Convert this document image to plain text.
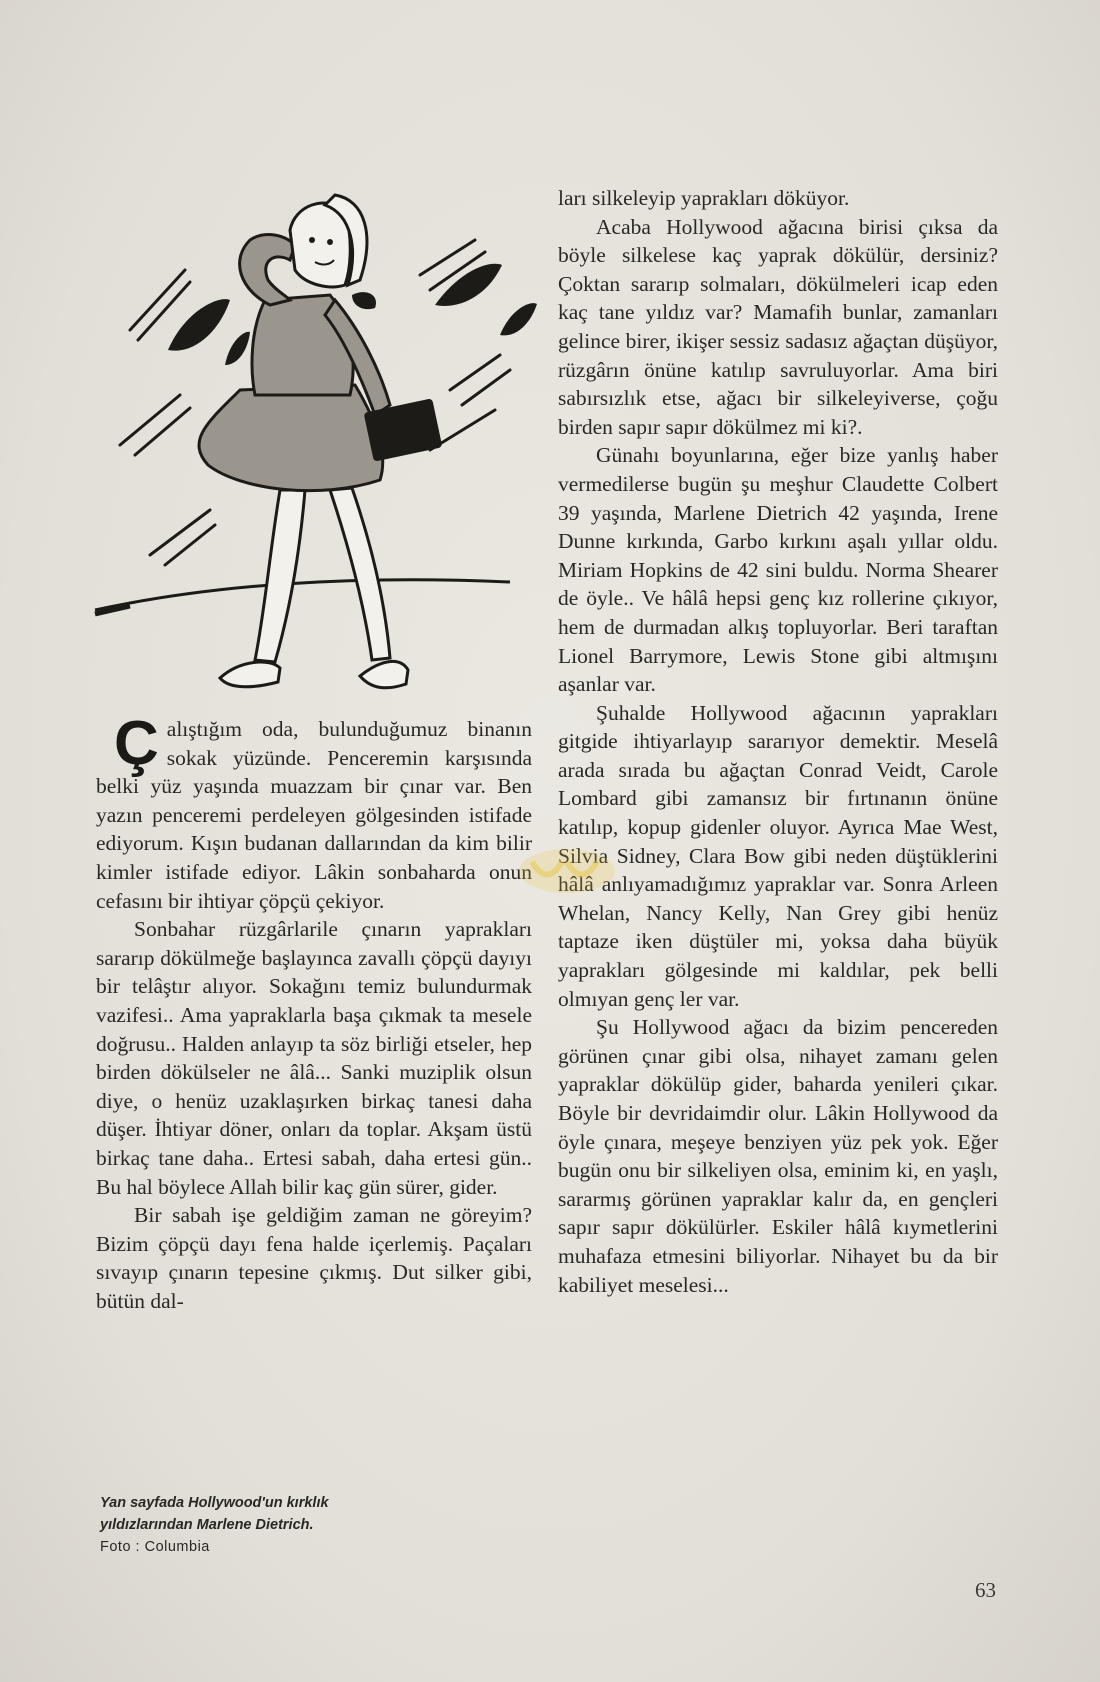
Çalıştığım oda, bulunduğumuz binanın sokak yüzünde. Penceremin karşısında belki yüz yaşında muazzam bir çınar var. Ben yazın pencere​mi perdeleyen gölgesinden istifade ediyorum. Kışın budanan dallarından da kim bilir kimler istifade ediyor. Lâkin sonbaharda onun cefasını bir ihtiyar çöpçü çekiyor.

Sonbahar rüzgârlarile çınarın yaprakları sararıp dökülmeğe başlayınca zavallı çöpçü dayıyı bir telâştır alıyor. Sokağını temiz bulundurmak vazifesi.. Ama yapraklarla başa çıkmak ta mesele doğrusu.. Halden anlayıp ta söz birliği etseler, hep birden dökülseler ne âlâ... Sanki muziplik olsun diye, o henüz uzaklaşırken birkaç tanesi daha düşer. İhtiyar döner, onları da toplar. Akşam üstü birkaç tane daha.. Ertesi sabah, daha ertesi gün.. Bu hal böylece Allah bilir kaç gün sürer, gider.

Bir sabah işe geldiğim zaman ne göreyim? Bizim çöpçü dayı fena halde içerlemiş. Paçaları sıvayıp çınarın tepesine çıkmış. Dut silker gibi, bütün dal-

ları silkeleyip yaprakları döküyor.

Acaba Hollywood ağacına birisi çıksa da böyle silkelese kaç yaprak dökülür, dersiniz? Çoktan sararıp solmaları, dökülmeleri icap eden kaç tane yıldız var? Mamafih bunlar, zamanları gelince birer, ikişer sessiz sadasız ağaçtan düşüyor, rüzgârın önüne katılıp savruluyorlar. Ama biri sabırsızlık etse, ağacı bir silkeleyiverse, çoğu birden sapır sapır dökülmez mi ki?.

Günahı boyunlarına, eğer bize yanlış haber vermedilerse bugün şu meşhur Claudette Colbert 39 yaşında, Marlene Dietrich 42 yaşında, Irene Dunne kırkında, Garbo kırkını aşalı yıllar oldu. Miriam Hopkins de 42 sini buldu. Norma Shearer de öyle.. Ve hâlâ hepsi genç kız rollerine çıkıyor, hem de durmadan alkış topluyorlar. Beri taraftan Lionel Barrymore, Lewis Stone gibi altmışını aşanlar var.

Şuhalde Hollywood ağacının yaprakları gitgide ihtiyarlayıp sararıyor demektir. Meselâ arada sırada bu ağaçtan Conrad Veidt, Carole Lombard gibi zamansız bir fırtınanın önüne katılıp, kopup gidenler oluyor. Ayrıca Mae West, Silvia Sidney, Clara Bow gibi neden düştüklerini hâlâ anlıyamadığımız yapraklar var. Sonra Arleen Whelan, Nancy Kelly, Nan Grey gibi henüz taptaze iken düştüler mi, yoksa daha büyük yaprakları gölgesinde mi kaldılar, pek belli olmıyan genç ler var.

Şu Hollywood ağacı da bizim pencereden görünen çınar gibi olsa, nihayet zamanı gelen yapraklar dökülüp gider, baharda yenileri çıkar. Böyle bir devridaimdir olur. Lâkin Hollywood da öyle çınara, meşeye benziyen yüz pek yok. Eğer bugün onu bir silkeliyen olsa, eminim ki, en yaşlı, sararmış görünen yapraklar kalır da, en gençleri sapır sapır dökülürler. Eskiler hâlâ kıymetlerini muhafaza etmesini biliyorlar. Nihayet bu da bir kabiliyet meselesi...

Yan sayfada Hollywood'un kırklık
yıldızlarından Marlene Dietrich.
Foto : Columbia
63
